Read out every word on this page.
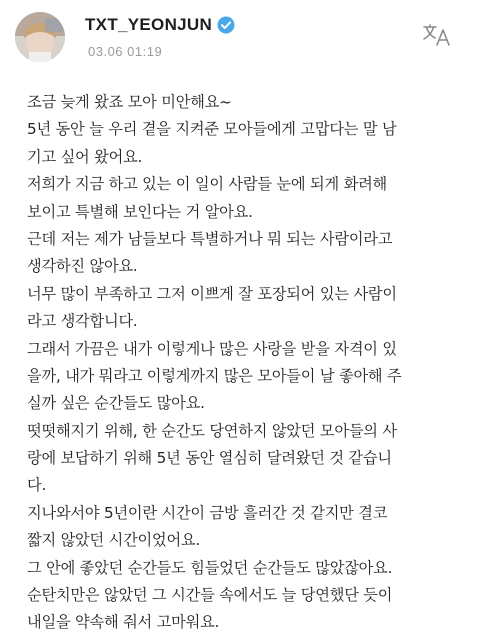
TXT_YEONJUN
03.06 01:19
조금 늦게 왔죠 모아 미안해요~
5년 동안 늘 우리 곁을 지켜준 모아들에게 고맙다는 말 남
기고 싶어 왔어요.
저희가 지금 하고 있는 이 일이 사람들 눈에 되게 화려해
보이고 특별해 보인다는 거 알아요.
근데 저는 제가 남들보다 특별하거나 뭐 되는 사람이라고
생각하진 않아요.
너무 많이 부족하고 그저 이쁘게 잘 포장되어 있는 사람이
라고 생각합니다.
그래서 가끔은 내가 이렇게나 많은 사랑을 받을 자격이 있
을까, 내가 뭐라고 이렇게까지 많은 모아들이 날 좋아해 주
실까 싶은 순간들도 많아요.
떳떳해지기 위해, 한 순간도 당연하지 않았던 모아들의 사
랑에 보답하기 위해 5년 동안 열심히 달려왔던 것 같습니
다.
지나와서야 5년이란 시간이 금방 흘러간 것 같지만 결코
짧지 않았던 시간이었어요.
그 안에 좋았던 순간들도 힘들었던 순간들도 많았잖아요.
순탄치만은 않았던 그 시간들 속에서도 늘 당연했단 듯이
내일을 약속해 줘서 고마워요.
